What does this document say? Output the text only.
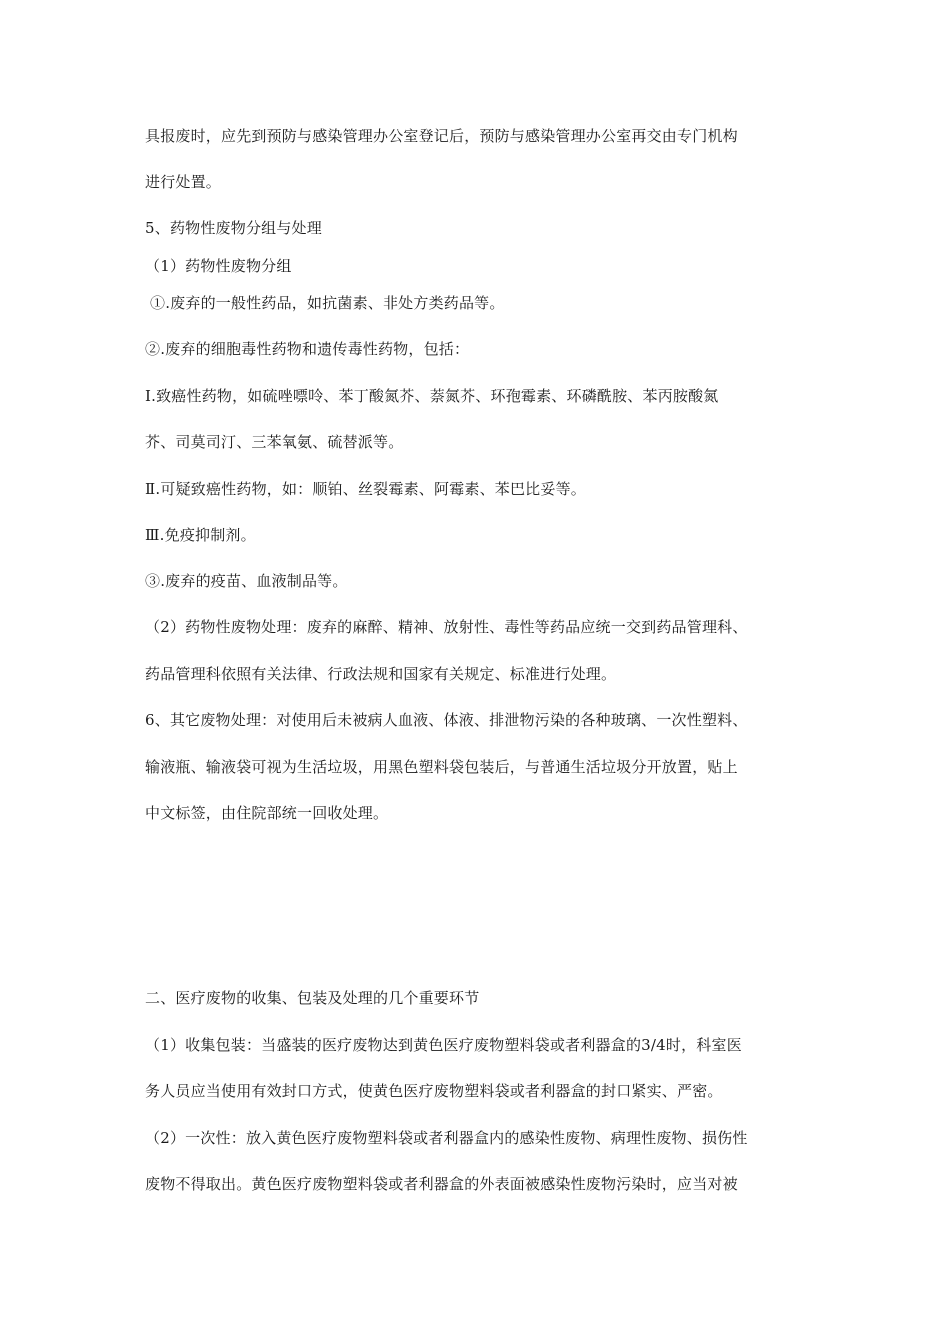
具报废时，应先到预防与感染管理办公室登记后，预防与感染管理办公室再交由专门机构
进行处置。
5、药物性废物分组与处理
（1）药物性废物分组
①.废弃的一般性药品，如抗菌素、非处方类药品等。
②.废弃的细胞毒性药物和遗传毒性药物，包括：
Ⅰ.致癌性药物，如硫唑嘌呤、苯丁酸氮芥、萘氮芥、环孢霉素、环磷酰胺、苯丙胺酸氮
芥、司莫司汀、三苯氧氨、硫替派等。
Ⅱ.可疑致癌性药物，如：顺铂、丝裂霉素、阿霉素、苯巴比妥等。
Ⅲ.免疫抑制剂。
③.废弃的疫苗、血液制品等。
（2）药物性废物处理：废弃的麻醉、精神、放射性、毒性等药品应统一交到药品管理科、
药品管理科依照有关法律、行政法规和国家有关规定、标准进行处理。
6、其它废物处理：对使用后未被病人血液、体液、排泄物污染的各种玻璃、一次性塑料、
输液瓶、输液袋可视为生活垃圾，用黑色塑料袋包装后，与普通生活垃圾分开放置，贴上
中文标签，由住院部统一回收处理。
二、医疗废物的收集、包装及处理的几个重要环节
（1）收集包装：当盛装的医疗废物达到黄色医疗废物塑料袋或者利器盒的3/4时，科室医
务人员应当使用有效封口方式，使黄色医疗废物塑料袋或者利器盒的封口紧实、严密。
（2）一次性：放入黄色医疗废物塑料袋或者利器盒内的感染性废物、病理性废物、损伤性
废物不得取出。黄色医疗废物塑料袋或者利器盒的外表面被感染性废物污染时，应当对被
